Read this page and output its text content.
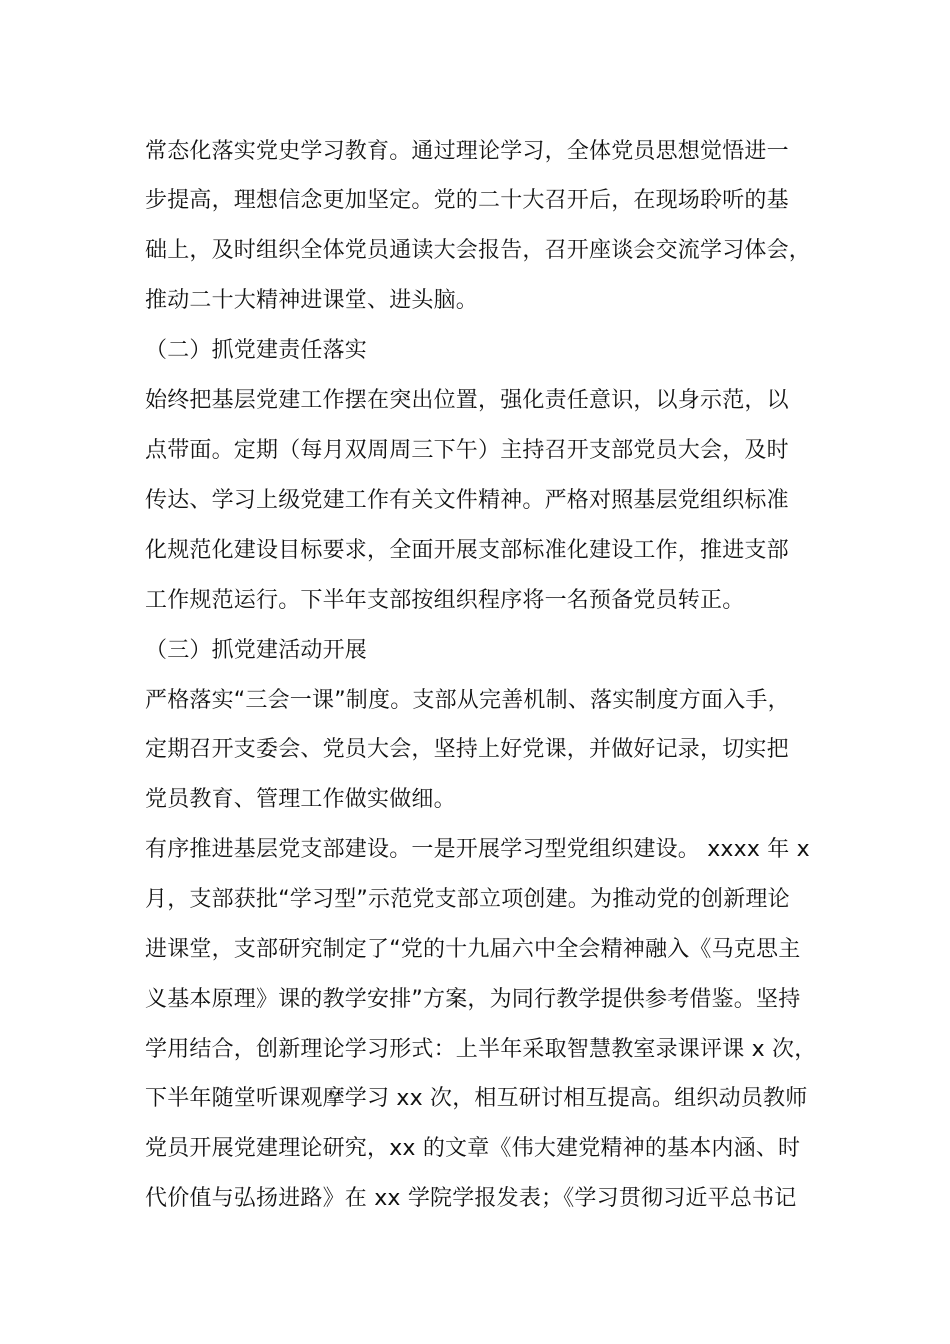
常态化落实党史学习教育。通过理论学习，全体党员思想觉悟进一
步提高，理想信念更加坚定。党的二十大召开后，在现场聆听的基
础上，及时组织全体党员通读大会报告，召开座谈会交流学习体会，
推动二十大精神进课堂、进头脑。
（二）抓党建责任落实
始终把基层党建工作摆在突出位置，强化责任意识，以身示范，以
点带面。定期（每月双周周三下午）主持召开支部党员大会，及时
传达、学习上级党建工作有关文件精神。严格对照基层党组织标准
化规范化建设目标要求，全面开展支部标准化建设工作，推进支部
工作规范运行。下半年支部按组织程序将一名预备党员转正。
（三）抓党建活动开展
严格落实“三会一课”制度。支部从完善机制、落实制度方面入手，
定期召开支委会、党员大会，坚持上好党课，并做好记录，切实把
党员教育、管理工作做实做细。
有序推进基层党支部建设。一是开展学习型党组织建设。 xxxx 年 x
月，支部获批“学习型”示范党支部立项创建。为推动党的创新理论
进课堂，支部研究制定了“党的十九届六中全会精神融入《马克思主
义基本原理》课的教学安排”方案，为同行教学提供参考借鉴。坚持
学用结合，创新理论学习形式：上半年采取智慧教室录课评课 x 次，
下半年随堂听课观摩学习 xx 次，相互研讨相互提高。组织动员教师
党员开展党建理论研究，xx 的文章《伟大建党精神的基本内涵、时
代价值与弘扬进路》在 xx 学院学报发表；《学习贯彻习近平总书记
